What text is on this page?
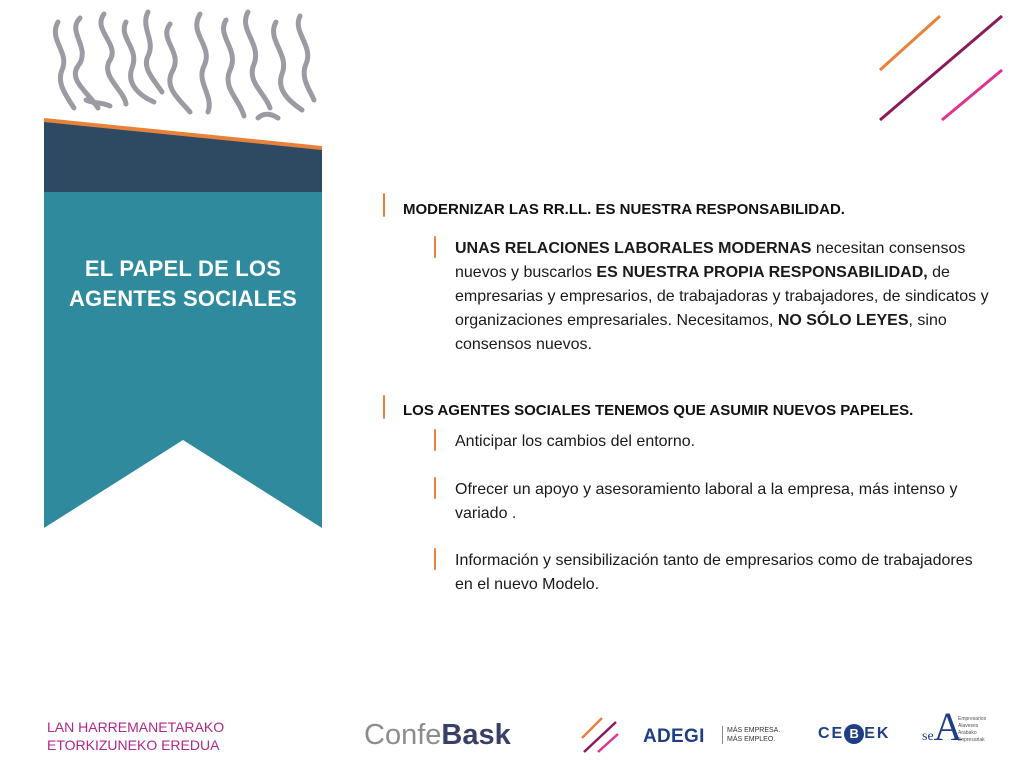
EL PAPEL DE LOS
AGENTES SOCIALES
MODERNIZAR LAS RR.LL. ES NUESTRA RESPONSABILIDAD.
UNAS RELACIONES LABORALES MODERNAS necesitan consensos nuevos y buscarlos ES NUESTRA PROPIA RESPONSABILIDAD, de empresarias y empresarios, de trabajadoras y trabajadores, de sindicatos y organizaciones empresariales. Necesitamos, NO SÓLO LEYES, sino consensos nuevos.
LOS AGENTES SOCIALES TENEMOS QUE ASUMIR NUEVOS PAPELES.
Anticipar los cambios del entorno.
Ofrecer un apoyo y asesoramiento laboral a la empresa, más intenso y variado .
Información y sensibilización tanto de empresarios como de trabajadores en el nuevo Modelo.
LAN HARREMANETARAKO
ETORKIZUNEKO EREDUA	ConfeBask	ADEGI	MÁS EMPRESA.
MÁS EMPLEO.	CE B EK seA
Empresarios
Alaveses
Arabako
Enpresariak
